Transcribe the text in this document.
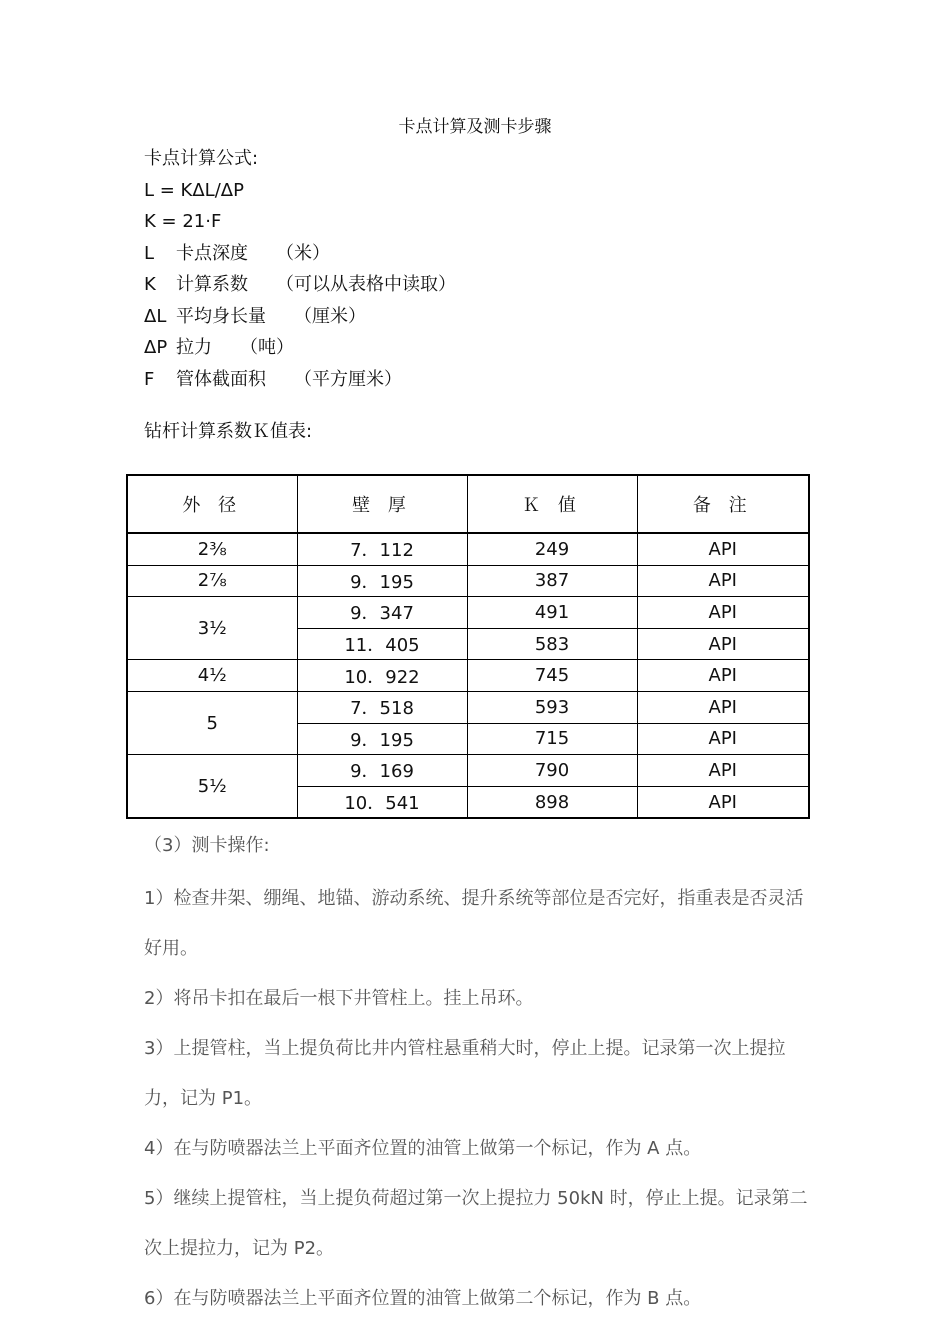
卡点计算及测卡步骤
卡点计算公式:
L = KΔL/ΔP
K = 21·F
L 卡点深度 （米）
K 计算系数 （可以从表格中读取）
ΔL 平均身长量 （厘米）
ΔP 拉力 （吨）
F 管体截面积 （平方厘米）
钻杆计算系数Ｋ值表:
外 径	壁 厚	Ｋ 值	备 注
2⅜	7．112	249	API
2⅞	9．195	387	API
3½	9．347	491	API
	11．405	583	API
4½	10．922	745	API
5	7．518	593	API
	9．195	715	API
5½	9．169	790	API
	10．541	898	API
（3）测卡操作:
1）检查井架、绷绳、地锚、游动系统、提升系统等部位是否完好，指重表是否灵活好用。
2）将吊卡扣在最后一根下井管柱上。挂上吊环。
3）上提管柱，当上提负荷比井内管柱悬重稍大时，停止上提。记录第一次上提拉力，记为 P1。
4）在与防喷器法兰上平面齐位置的油管上做第一个标记，作为 A 点。
5）继续上提管柱，当上提负荷超过第一次上提拉力 50kN 时，停止上提。记录第二次上提拉力，记为 P2。
6）在与防喷器法兰上平面齐位置的油管上做第二个标记，作为 B 点。
